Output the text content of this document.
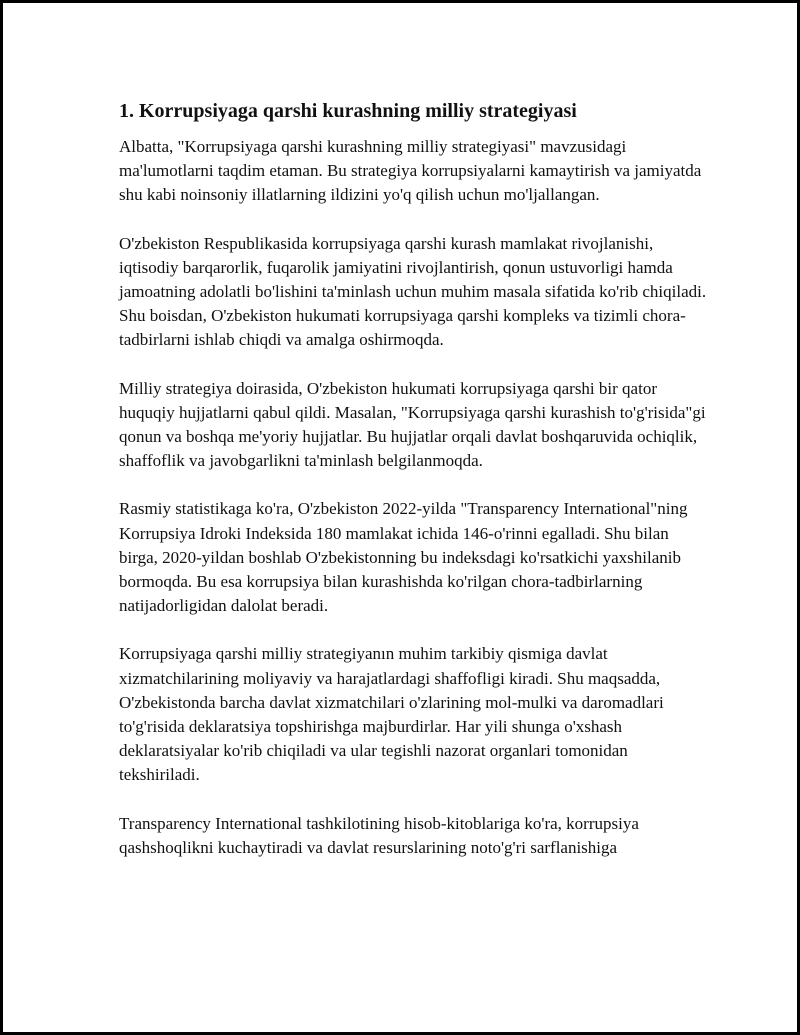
1. Korrupsiyaga qarshi kurashning milliy strategiyasi

Albatta, "Korrupsiyaga qarshi kurashning milliy strategiyasi" mavzusidagi ma'lumotlarni taqdim etaman. Bu strategiya korrupsiyalarni kamaytirish va jamiyatda shu kabi noinsoniy illatlarning ildizini yo'q qilish uchun mo'ljallangan.

O'zbekiston Respublikasida korrupsiyaga qarshi kurash mamlakat rivojlanishi, iqtisodiy barqarorlik, fuqarolik jamiyatini rivojlantirish, qonun ustuvorligi hamda jamoatning adolatli bo'lishini ta'minlash uchun muhim masala sifatida ko'rib chiqiladi. Shu boisdan, O'zbekiston hukumati korrupsiyaga qarshi kompleks va tizimli chora-tadbirlarni ishlab chiqdi va amalga oshirmoqda.

Milliy strategiya doirasida, O'zbekiston hukumati korrupsiyaga qarshi bir qator huquqiy hujjatlarni qabul qildi. Masalan, "Korrupsiyaga qarshi kurashish to'g'risida"gi qonun va boshqa me'yoriy hujjatlar. Bu hujjatlar orqali davlat boshqaruvida ochiqlik, shaffoflik va javobgarlikni ta'minlash belgilanmoqda.

Rasmiy statistikaga ko'ra, O'zbekiston 2022-yilda "Transparency International"ning Korrupsiya Idroki Indeksida 180 mamlakat ichida 146-o'rinni egalladi. Shu bilan birga, 2020-yildan boshlab O'zbekistonning bu indeksdagi ko'rsatkichi yaxshilanib bormoqda. Bu esa korrupsiya bilan kurashishda ko'rilgan chora-tadbirlarning natijadorligidan dalolat beradi.

Korrupsiyaga qarshi milliy strategiyanın muhim tarkibiy qismiga davlat xizmatchilarining moliyaviy va harajatlardagi shaffofligi kiradi. Shu maqsadda, O'zbekistonda barcha davlat xizmatchilari o'zlarining mol-mulki va daromadlari to'g'risida deklaratsiya topshirishga majburdirlar. Har yili shunga o'xshash deklaratsiyalar ko'rib chiqiladi va ular tegishli nazorat organlari tomonidan tekshiriladi.

Transparency International tashkilotining hisob-kitoblariga ko'ra, korrupsiya qashshoqlikni kuchaytiradi va davlat resurslarining noto'g'ri sarflanishiga
